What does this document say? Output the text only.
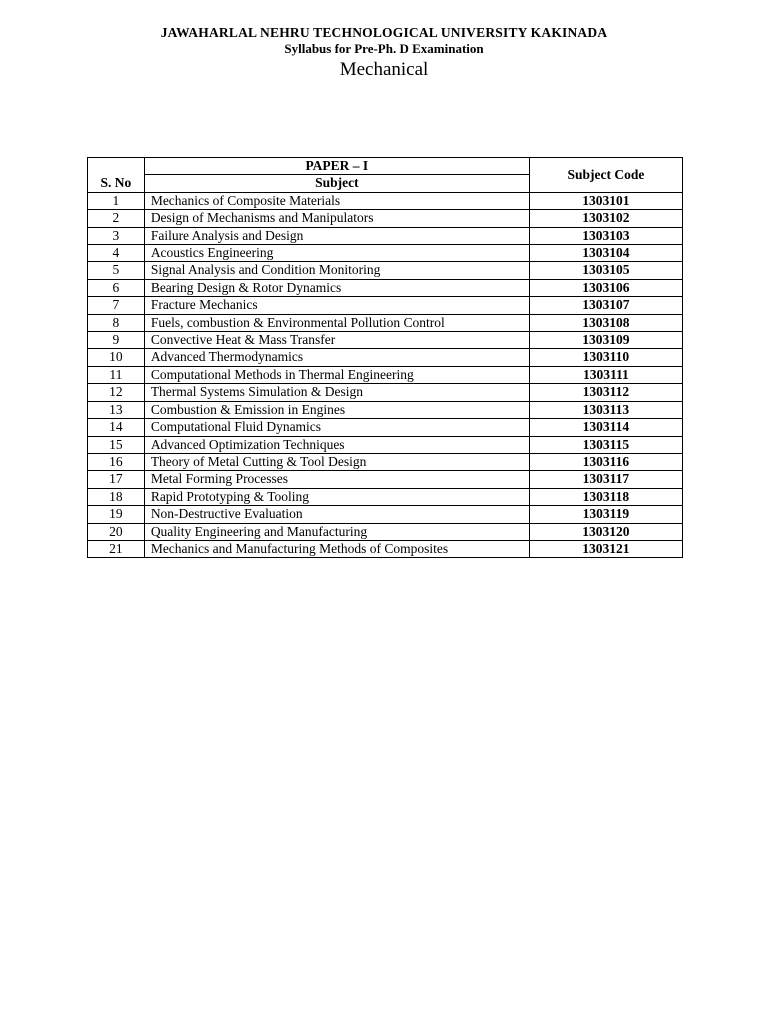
JAWAHARLAL NEHRU TECHNOLOGICAL UNIVERSITY KAKINADA
Syllabus for Pre-Ph. D Examination
Mechanical
S. No	PAPER – I	Subject Code
	Subject	
1	Mechanics of Composite Materials	1303101
2	Design of Mechanisms and Manipulators	1303102
3	Failure Analysis and Design	1303103
4	Acoustics Engineering	1303104
5	Signal Analysis and Condition Monitoring	1303105
6	Bearing Design & Rotor Dynamics	1303106
7	Fracture Mechanics	1303107
8	Fuels, combustion & Environmental Pollution Control	1303108
9	Convective Heat & Mass Transfer	1303109
10	Advanced Thermodynamics	1303110
11	Computational Methods in Thermal Engineering	1303111
12	Thermal Systems Simulation & Design	1303112
13	Combustion & Emission in Engines	1303113
14	Computational Fluid Dynamics	1303114
15	Advanced Optimization Techniques	1303115
16	Theory of Metal Cutting & Tool Design	1303116
17	Metal Forming Processes	1303117
18	Rapid Prototyping & Tooling	1303118
19	Non-Destructive Evaluation	1303119
20	Quality Engineering and Manufacturing	1303120
21	Mechanics and Manufacturing Methods of Composites	1303121
